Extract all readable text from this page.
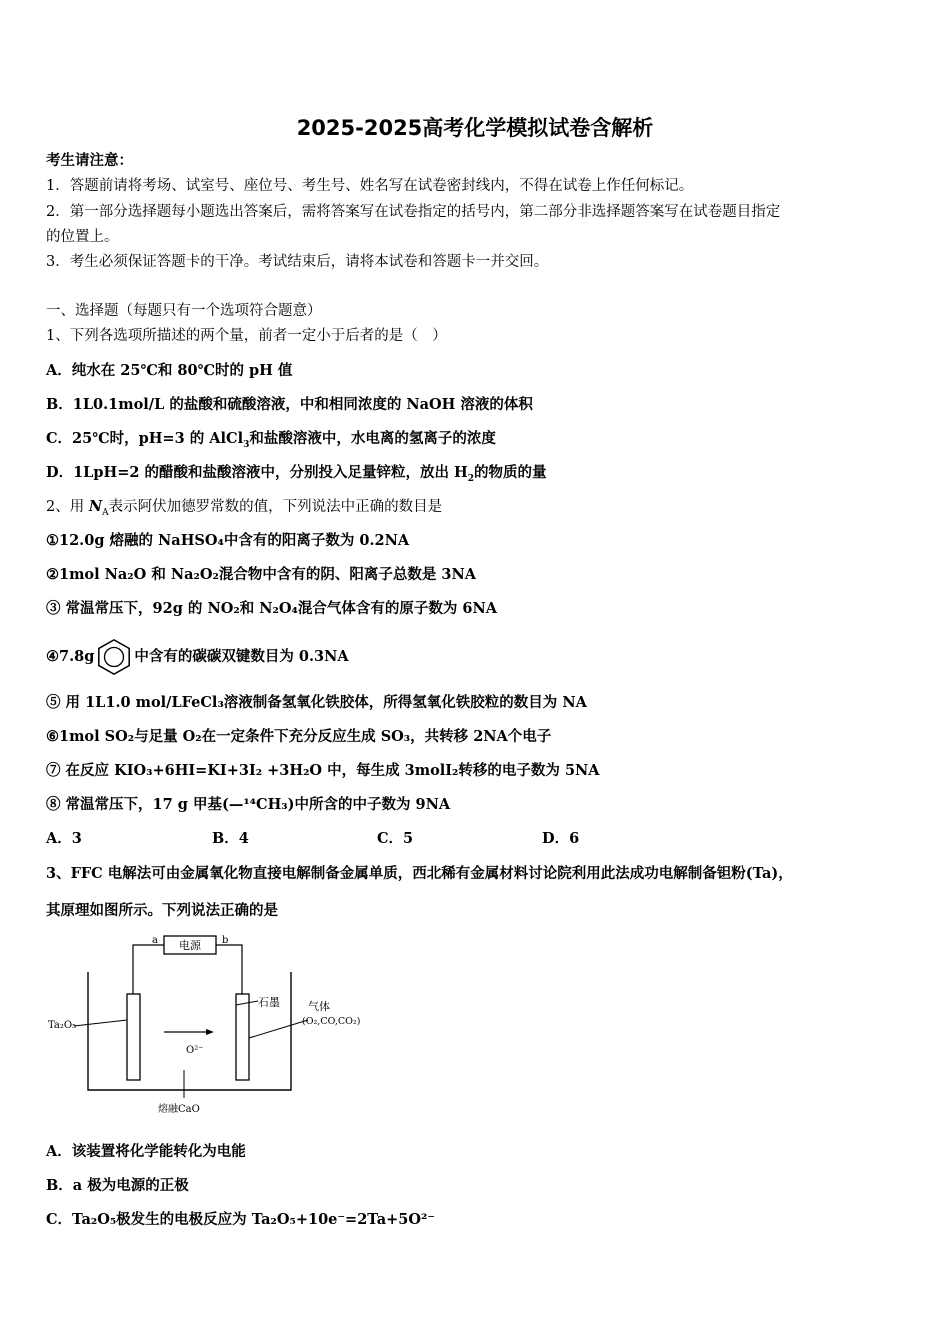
2025-2025高考化学模拟试卷含解析
考生请注意：
1．答题前请将考场、试室号、座位号、考生号、姓名写在试卷密封线内，不得在试卷上作任何标记。
2．第一部分选择题每小题选出答案后，需将答案写在试卷指定的括号内，第二部分非选择题答案写在试卷题目指定
的位置上。
3．考生必须保证答题卡的干净。考试结束后，请将本试卷和答题卡一并交回。
一、选择题（每题只有一个选项符合题意）
1、下列各选项所描述的两个量，前者一定小于后者的是（　）
A．纯水在 25℃和 80℃时的 pH 值
B．1L0.1mol/L 的盐酸和硫酸溶液，中和相同浓度的 NaOH 溶液的体积
C．25℃时，pH=3 的 AlCl$_3$和盐酸溶液中，水电离的氢离子的浓度
D．1LpH=2 的醋酸和盐酸溶液中，分别投入足量锌粒，放出 $H_2$的物质的量
2、用 $N_A$表示阿伏加德罗常数的值，下列说法中正确的数目是
①12.0g 熔融的 NaHSO₄中含有的阳离子数为 0.2NA
②1mol Na₂O 和 Na₂O₂混合物中含有的阴、阳离子总数是 3NA
③ 常温常压下，92g 的 NO₂和 N₂O₄混合气体含有的原子数为 6NA
④7.8g	中含有的碳碳双键数目为 0.3NA
⑤ 用 1L1.0 mol/LFeCl₃溶液制备氢氧化铁胶体，所得氢氧化铁胶粒的数目为 NA
⑥1mol SO₂与足量 O₂在一定条件下充分反应生成 SO₃，共转移 2NA个电子
⑦ 在反应 KIO₃+6HI=KI+3I₂ +3H₂O 中，每生成 3molI₂转移的电子数为 5NA
⑧ 常温常压下，17 g 甲基(—¹⁴CH₃)中所含的中子数为 9NA
A．3	B．4	C．5	D．6
3、FFC 电解法可由金属氧化物直接电解制备金属单质，西北稀有金属材料讨论院利用此法成功电解制备钽粉(Ta)，
其原理如图所示。下列说法正确的是
电源
a	b
O²⁻
熔融CaO
Ta₂O₅
石墨	气体
(O₂,CO,CO₂)
A．该装置将化学能转化为电能
B．a 极为电源的正极
C．Ta₂O₅极发生的电极反应为 Ta₂O₅+10e⁻=2Ta+5O²⁻
